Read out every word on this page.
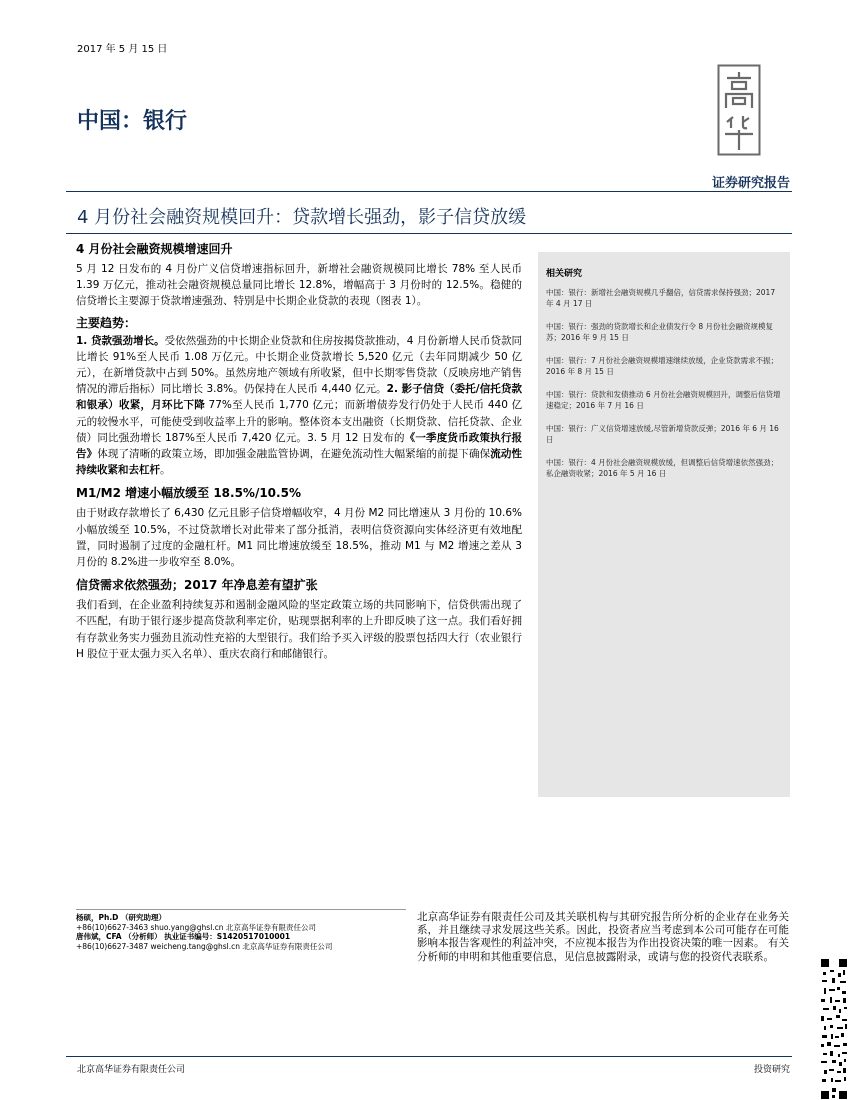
2017 年 5 月 15 日
中国：银行
证券研究报告
4 月份社会融资规模回升：贷款增长强劲，影子信贷放缓
4 月份社会融资规模增速回升

5 月 12 日发布的 4 月份广义信贷增速指标回升，新增社会融资规模同比增长 78% 至人民币 1.39 万亿元，推动社会融资规模总量同比增长 12.8%，增幅高于 3 月份时的 12.5%。稳健的信贷增长主要源于贷款增速强劲、特别是中长期企业贷款的表现（图表 1）。

主要趋势：

1. 贷款强劲增长。受依然强劲的中长期企业贷款和住房按揭贷款推动，4 月份新增人民币贷款同比增长 91%至人民币 1.08 万亿元。中长期企业贷款增长 5,520 亿元（去年同期减少 50 亿元），在新增贷款中占到 50%。虽然房地产领域有所收紧，但中长期零售贷款（反映房地产销售情况的滞后指标）同比增长 3.8%。仍保持在人民币 4,440 亿元。2. 影子信贷（委托/信托贷款和银承）收紧，月环比下降 77%至人民币 1,770 亿元；而新增债券发行仍处于人民币 440 亿元的较慢水平，可能使受到收益率上升的影响。整体资本支出融资（长期贷款、信托贷款、企业债）同比强劲增长 187%至人民币 7,420 亿元。3. 5 月 12 日发布的《一季度货币政策执行报告》体现了清晰的政策立场，即加强金融监管协调，在避免流动性大幅紧缩的前提下确保流动性持续收紧和去杠杆。

M1/M2 增速小幅放缓至 18.5%/10.5%

由于财政存款增长了 6,430 亿元且影子信贷增幅收窄，4 月份 M2 同比增速从 3 月份的 10.6%小幅放缓至 10.5%，不过贷款增长对此带来了部分抵消，表明信贷资源向实体经济更有效地配置，同时遏制了过度的金融杠杆。M1 同比增速放缓至 18.5%，推动 M1 与 M2 增速之差从 3 月份的 8.2%进一步收窄至 8.0%。

信贷需求依然强劲；2017 年净息差有望扩张

我们看到，在企业盈利持续复苏和遏制金融风险的坚定政策立场的共同影响下，信贷供需出现了不匹配，有助于银行逐步提高贷款利率定价，贴现票据利率的上升即反映了这一点。我们看好拥有存款业务实力强劲且流动性充裕的大型银行。我们给予买入评级的股票包括四大行（农业银行 H 股位于亚太强力买入名单）、重庆农商行和邮储银行。

相关研究
中国：银行：新增社会融资规模几乎翻倍，信贷需求保持强劲；2017 年 4 月 17 日
中国：银行：强劲的贷款增长和企业债发行令 8 月份社会融资规模复苏；2016 年 9 月 15 日
中国：银行：7 月份社会融资规模增速继续放缓，企业贷款需求不振；2016 年 8 月 15 日
中国：银行：贷款和发债推动 6 月份社会融资规模回升，调整后信贷增速稳定；2016 年 7 月 16 日
中国：银行：广义信贷增速放缓,尽管新增贷款反弹；2016 年 6 月 16 日
中国：银行：4 月份社会融资规模放缓，但调整后信贷增速依然强劲；私企融资收紧；2016 年 5 月 16 日
杨硕，Ph.D （研究助理）
+86(10)6627-3463 shuo.yang@ghsl.cn 北京高华证券有限责任公司
唐伟斌，CFA （分析师） 执业证书编号：S1420517010001
+86(10)6627-3487 weicheng.tang@ghsl.cn 北京高华证券有限责任公司
北京高华证券有限责任公司及其关联机构与其研究报告所分析的企业存在业务关系，并且继续寻求发展这些关系。因此，投资者应当考虑到本公司可能存在可能影响本报告客观性的利益冲突，不应视本报告为作出投资决策的唯一因素。 有关分析师的申明和其他重要信息，见信息披露附录，或请与您的投资代表联系。
北京高华证券有限责任公司	投资研究
